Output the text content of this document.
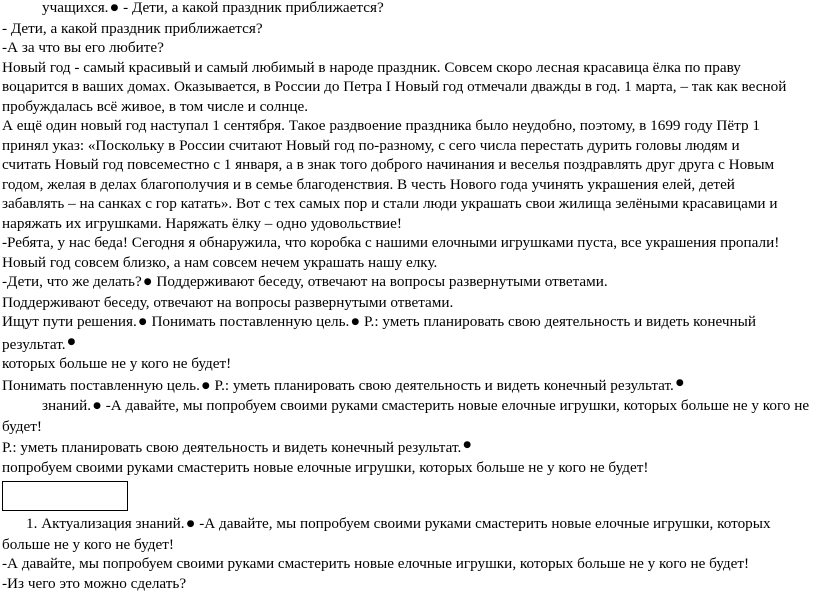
учащихся. ● - Дети, а какой праздник приближается?
- Дети, а какой праздник приближается?
-А за что вы его любите?
Новый год - самый красивый и самый любимый в народе праздник. Совсем скоро лесная красавица ёлка по праву
воцарится в ваших домах. Оказывается, в России до Петра I Новый год отмечали дважды в год. 1 марта, – так как весной
пробуждалась всё живое, в том числе и солнце.
А ещё один новый год наступал 1 сентября. Такое раздвоение праздника было неудобно, поэтому, в 1699 году Пётр 1
принял указ: «Поскольку в России считают Новый год по-разному, с сего числа перестать дурить головы людям и
считать Новый год повсеместно с 1 января, а в знак того доброго начинания и веселья поздравлять друг друга с Новым
годом, желая в делах благополучия и в семье благоденствия. В честь Нового года учинять украшения елей, детей
забавлять – на санках с гор катать». Вот с тех самых пор и стали люди украшать свои жилища зелёными красавицами и
наряжать их игрушками. Наряжать ёлку – одно удовольствие!
-Ребята, у нас беда! Сегодня я обнаружила, что коробка с нашими елочными игрушками пуста, все украшения пропали!
Новый год совсем близко, а нам совсем нечем украшать нашу елку.
-Дети, что же делать? ● Поддерживают беседу, отвечают на вопросы развернутыми ответами.
Поддерживают беседу, отвечают на вопросы развернутыми ответами.
Ищут пути решения. ● Понимать поставленную цель. ● Р.: уметь планировать свою деятельность и видеть конечный
результат. ●
которых больше не у кого не будет!
Понимать поставленную цель. ● Р.: уметь планировать свою деятельность и видеть конечный результат. ●
знаний. ● -А давайте, мы попробуем своими руками смастерить новые елочные игрушки, которых больше не у кого не
будет!
Р.: уметь планировать свою деятельность и видеть конечный результат. ●
попробуем своими руками смастерить новые елочные игрушки, которых больше не у кого не будет!
1. Актуализация знаний. ● -А давайте, мы попробуем своими руками смастерить новые елочные игрушки, которых
больше не у кого не будет!
-А давайте, мы попробуем своими руками смастерить новые елочные игрушки, которых больше не у кого не будет!
-Из чего это можно сделать?
